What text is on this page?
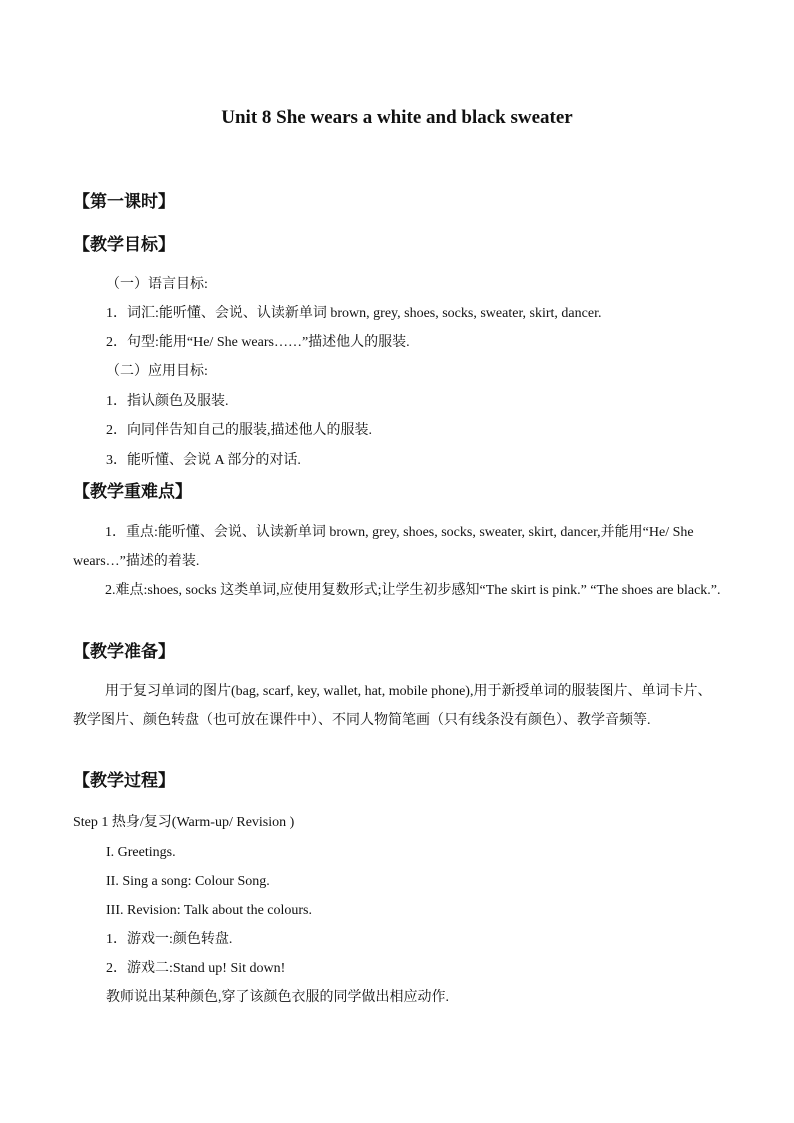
Unit 8 She wears a white and black sweater
【第一课时】
【教学目标】
（一）语言目标:
1．词汇:能听懂、会说、认读新单词 brown, grey, shoes, socks, sweater, skirt, dancer.
2．句型:能用“He/ She wears……”描述他人的服装.
（二）应用目标:
1．指认颜色及服装.
2．向同伴告知自己的服装,描述他人的服装.
3．能听懂、会说 A 部分的对话.
【教学重难点】
1．重点:能听懂、会说、认读新单词 brown, grey, shoes, socks, sweater, skirt, dancer,并能用“He/ She wears…”描述的着装.
2.难点:shoes, socks 这类单词,应使用复数形式;让学生初步感知“The skirt is pink.” “The shoes are black.”.
【教学准备】
用于复习单词的图片(bag, scarf, key, wallet, hat, mobile phone),用于新授单词的服装图片、单词卡片、教学图片、颜色转盘（也可放在课件中）、不同人物简笔画（只有线条没有颜色）、教学音频等.
【教学过程】
Step 1 热身/复习(Warm-up/ Revision )
I. Greetings.
II. Sing a song: Colour Song.
III. Revision: Talk about the colours.
1．游戏一:颜色转盘.
2．游戏二:Stand up! Sit down!
教师说出某种颜色,穿了该颜色衣服的同学做出相应动作.
